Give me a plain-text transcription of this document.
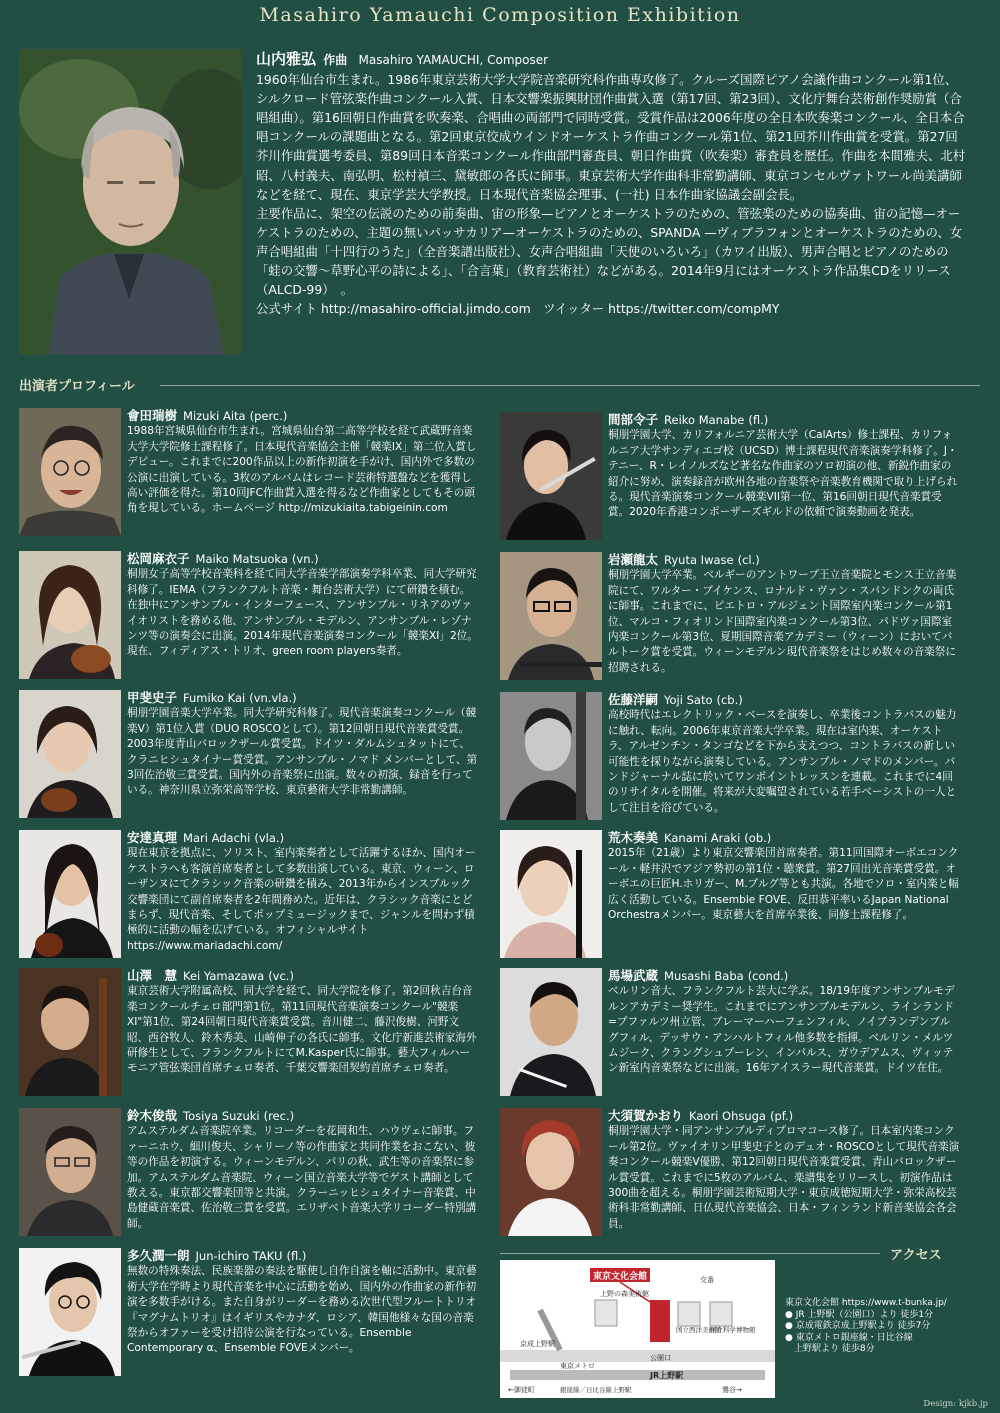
Masahiro Yamauchi Composition Exhibition
山内雅弘 作曲 Masahiro YAMAUCHI, Composer

1960年仙台市生まれ。1986年東京芸術大学大学院音楽研究科作曲専攻修了。クルーズ国際ピアノ会議作曲コンクール第1位、シルクロード管弦楽作曲コンクール入賞、日本交響楽振興財団作曲賞入選（第17回、第23回）、文化庁舞台芸術創作奨励賞（合唱組曲）。第16回朝日作曲賞を吹奏楽、合唱曲の両部門で同時受賞。受賞作品は2006年度の全日本吹奏楽コンクール、全日本合唱コンクールの課題曲となる。第2回東京佼成ウインドオーケストラ作曲コンクール第1位、第21回芥川作曲賞を受賞。第27回芥川作曲賞選考委員、第89回日本音楽コンクール作曲部門審査員、朝日作曲賞（吹奏楽）審査員を歴任。作曲を本間雅夫、北村昭、八村義夫、南弘明、松村禎三、黛敏郎の各氏に師事。東京芸術大学作曲科非常勤講師、東京コンセルヴァトワール尚美講師などを経て、現在、東京学芸大学教授。日本現代音楽協会理事、(一社) 日本作曲家協議会副会長。

主要作品に、架空の伝説のための前奏曲、宙の形象—ピアノとオーケストラのための、管弦楽のための協奏曲、宙の記憶—オーケストラのための、主題の無いパッサカリア—オーケストラのための、SPANDA —ヴィブラフォンとオーケストラのための、女声合唱組曲「十四行のうた」（全音楽譜出版社）、女声合唱組曲「天使のいろいろ」（カワイ出版）、男声合唱とピアノのための「蛙の交響〜草野心平の詩による」、「合言葉」（教育芸術社）などがある。2014年9月にはオーケストラ作品集CDをリリース（ALCD-99）　。

公式サイト http://masahiro-official.jimdo.com　ツイッター https://twitter.com/compMY

出演者プロフィール
會田瑞樹 Mizuki Aita (perc.)

1988年宮城県仙台市生まれ。宮城県仙台第二高等学校を経て武蔵野音楽大学大学院修士課程修了。日本現代音楽協会主催「競楽IX」第二位入賞しデビュー。これまでに200作品以上の新作初演を手がけ、国内外で多数の公演に出演している。3枚のアルバムはレコード芸術特選盤などを獲得し高い評価を得た。第10回JFC作曲賞入選を得るなど作曲家としてもその頭角を現している。ホームページ http://mizukiaita.tabigeinin.com

松岡麻衣子 Maiko Matsuoka (vn.)

桐朋女子高等学校音楽科を経て同大学音楽学部演奏学科卒業、同大学研究科修了。IEMA（フランクフルト音楽・舞台芸術大学）にて研鑽を積む。在独中にアンサンブル・インターフェース、アンサンブル・リネアのヴァイオリストを務める他、アンサンブル・モデルン、アンサンブル・レゾナンツ等の演奏会に出演。2014年現代音楽演奏コンクール「競楽XI」2位。現在、フィディアス・トリオ、green room players奏者。

甲斐史子 Fumiko Kai (vn.vla.)

桐朋学園音楽大学卒業。同大学研究科修了。現代音楽演奏コンクール（競楽V）第1位入賞（DUO ROSCOとして）。第12回朝日現代音楽賞受賞。2003年度青山バロックザール賞受賞。ドイツ・ダルムシュタットにて、クラニヒシュタイナー賞受賞。アンサンブル・ノマド メンバーとして、第3回佐治敬三賞受賞。国内外の音楽祭に出演。数々の初演、録音を行っている。神奈川県立弥栄高等学校、東京藝術大学非常勤講師。

安達真理 Mari Adachi (vla.)

現在東京を拠点に、ソリスト、室内楽奏者として活躍するほか、国内オーケストラへも客演首席奏者として多数出演している。東京、ウィーン、ローザンヌにてクラシック音楽の研鑽を積み、2013年からインスブルック交響楽団にて副首席奏者を2年間務めた。近年は、クラシック音楽にとどまらず、現代音楽、そしてポップミュージックまで、ジャンルを問わず積極的に活動の幅を広げている。オフィシャルサイト https://www.mariadachi.com/

山澤　慧 Kei Yamazawa (vc.)

東京芸術大学附属高校、同大学を経て、同大学院を修了。第2回秋吉台音楽コンクールチェロ部門第1位。第11回現代音楽演奏コンクール"競楽XI"第1位、第24回朝日現代音楽賞受賞。音川健二、藤沢俊樹、河野文昭、西谷牧人、鈴木秀美、山崎伸子の各氏に師事。文化庁新進芸術家海外研修生として、フランクフルトにてM.Kasper氏に師事。藝大フィルハーモニア管弦楽団首席チェロ奏者、千葉交響楽団契約首席チェロ奏者。

鈴木俊哉 Tosiya Suzuki (rec.)

アムステルダム音楽院卒業。リコーダーを花岡和生、ハウヴェに師事。ファーニホウ、細川俊夫、シャリーノ等の作曲家と共同作業をおこない、彼等の作品を初演する。ウィーンモデルン、パリの秋、武生等の音楽祭に参加。アムステルダム音楽院、ウィーン国立音楽大学等でゲスト講師として教える。東京都交響楽団等と共演。クラーニッヒシュタイナー音楽賞、中島健蔵音楽賞、佐治敬三賞を受賞。エリザベト音楽大学リコーダー特別講師。

多久潤一朗 Jun-ichiro TAKU (fl.)

無数の特殊奏法、民族楽器の奏法を駆使し自作自演を軸に活動中。東京藝術大学在学時より現代音楽を中心に活動を始め、国内外の作曲家の新作初演を多数手がける。また自身がリーダーを務める次世代型フルートトリオ『マグナムトリオ』はイギリスやカナダ、ロシア、韓国他様々な国の音楽祭からオファーを受け招待公演を行なっている。Ensemble Contemporary α、Ensemble FOVEメンバー。

間部令子 Reiko Manabe (fl.)

桐朋学園大学、カリフォルニア芸術大学（CalArts）修士課程、カリフォルニア大学サンディエゴ校（UCSD）博士課程現代音楽演奏学科修了。J・テニー、R・レイノルズなど著名な作曲家のソロ初演の他、新鋭作曲家の紹介に努め、演奏録音が欧州各地の音楽祭や音楽教育機関で取り上げられる。現代音楽演奏コンクール競楽VII第一位、第16回朝日現代音楽賞受賞。2020年香港コンポーザーズギルドの依頼で演奏動画を発表。

岩瀬龍太 Ryuta Iwase (cl.)

桐朋学園大学卒業。ベルギーのアントワープ王立音楽院とモンス王立音楽院にて、ワルター・ブイケンス、ロナルド・ヴァン・スパンドンクの両氏に師事。これまでに、ピエトロ・アルジェント国際室内楽コンクール第1位、マルコ・フィオリンド国際室内楽コンクール第3位、パドヴァ国際室内楽コンクール第3位、夏期国際音楽アカデミー（ウィーン）においてバルトーク賞を受賞。ウィーンモデルン現代音楽祭をはじめ数々の音楽祭に招聘される。

佐藤洋嗣 Yoji Sato (cb.)

高校時代はエレクトリック・ベースを演奏し、卒業後コントラバスの魅力に触れ、転向。2006年東京音楽大学卒業。現在は室内楽、オーケストラ、アルゼンチン・タンゴなどを下から支えつつ、コントラバスの新しい可能性を探りながら演奏している。アンサンブル・ノマドのメンバー。バンドジャーナル誌に於いてワンポイントレッスンを連載。これまでに4回のリサイタルを開催。将来が大変嘱望されている若手ベーシストの一人として注目を浴びている。

荒木奏美 Kanami Araki (ob.)

2015年（21歳）より東京交響楽団首席奏者。第11回国際オーボエコンクール・軽井沢でアジア勢初の第1位・聴衆賞。第27回出光音楽賞受賞。オーボエの巨匠H.ホリガー、M.ブルグ等とも共演。各地でソロ・室内楽と幅広く活動している。Ensemble FOVE、反田恭平率いるJapan National Orchestraメンバー。東京藝大を首席卒業後、同修士課程修了。

馬場武蔵 Musashi Baba (cond.)

ベルリン音大、フランクフルト芸大に学ぶ。18/19年度アンサンブルモデルンアカデミー奨学生。これまでにアンサンブルモデルン、ラインランド=プファルツ州立管、ブレーマーハーフェンフィル、ノイブランデンブルグフィル、デッサウ・アンハルトフィル他多数を指揮。ベルリン・メルツムジーク、クラングシュプーレン、インパルス、ガウデアムス、ヴィッテン新室内音楽祭などに出演。16年アイスラー現代音楽賞。ドイツ在住。

大須賀かおり Kaori Ohsuga (pf.)

桐朋学園大学・同アンサンブルディプロマコース修了。日本室内楽コンクール第2位。ヴァイオリン甲斐史子とのデュオ・ROSCOとして現代音楽演奏コンクール競楽V優勝、第12回朝日現代音楽賞受賞、青山バロックザール賞受賞。これまでに5枚のアルバム、楽譜集をリリースし、初演作品は300曲を超える。桐朋学園芸術短期大学・東京成徳短期大学・弥栄高校芸術科非常勤講師、日仏現代音楽協会、日本・フィンランド新音楽協会各会員。

アクセス
東京文化会館
上野の森美術館
交番
国立西洋美術館
国立科学博物館
京成上野駅
東京メトロ
公園口
JR上野駅
←御徒町	銀座線／日比谷線上野駅	鶯谷→

東京文化会館 https://www.t-bunka.jp/

● JR 上野駅（公園口）より 徒歩1分

● 京成電鉄京成上野駅より 徒歩7分

● 東京メトロ銀座線・日比谷線

　上野駅より 徒歩8分

Design: kjkb.jp
